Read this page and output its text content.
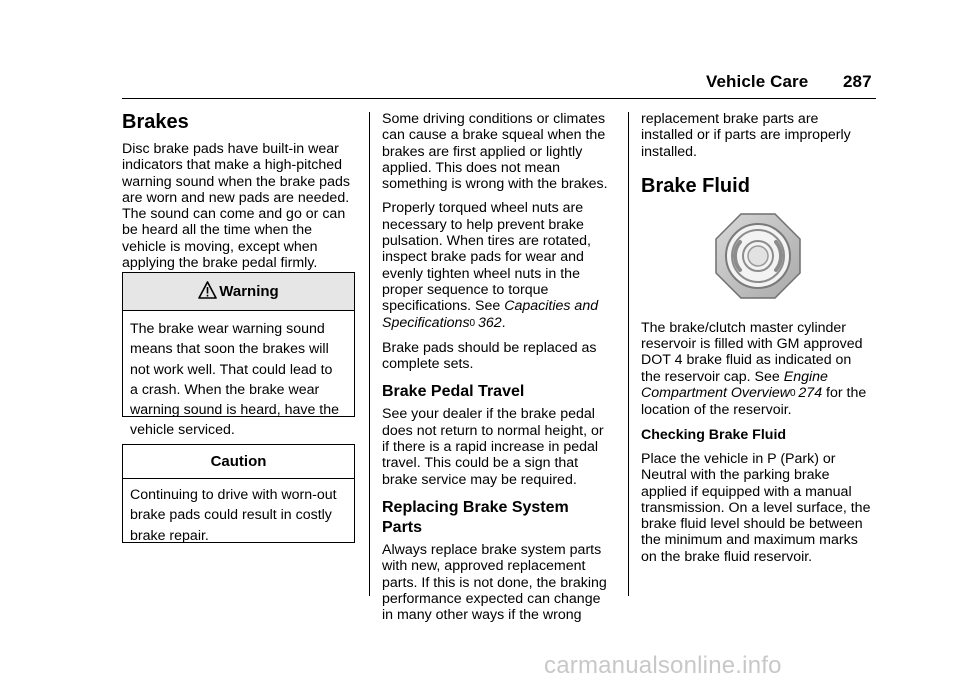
Vehicle Care 287
Brakes

Disc brake pads have built-in wear indicators that make a high-pitched warning sound when the brake pads are worn and new pads are needed. The sound can come and go or can be heard all the time when the vehicle is moving, except when applying the brake pedal firmly.

Warning
The brake wear warning sound
means that soon the brakes will
not work well. That could lead to
a crash. When the brake wear
warning sound is heard, have the
vehicle serviced.
Caution
Continuing to drive with worn-out
brake pads could result in costly
brake repair.

Some driving conditions or climates can cause a brake squeal when the brakes are first applied or lightly applied. This does not mean something is wrong with the brakes.

Properly torqued wheel nuts are necessary to help prevent brake pulsation. When tires are rotated, inspect brake pads for wear and evenly tighten wheel nuts in the proper sequence to torque specifications. See Capacities and Specifications0  362.

Brake pads should be replaced as complete sets.

Brake Pedal Travel

See your dealer if the brake pedal does not return to normal height, or if there is a rapid increase in pedal travel. This could be a sign that brake service may be required.

Replacing Brake System Parts

Always replace brake system parts with new, approved replacement parts. If this is not done, the braking performance expected can change in many other ways if the wrong

replacement brake parts are installed or if parts are improperly installed.

Brake Fluid

The brake/clutch master cylinder reservoir is filled with GM approved DOT 4 brake fluid as indicated on the reservoir cap. See Engine Compartment Overview0  274 for the location of the reservoir.

Checking Brake Fluid

Place the vehicle in P (Park) or Neutral with the parking brake applied if equipped with a manual transmission. On a level surface, the brake fluid level should be between the minimum and maximum marks on the brake fluid reservoir.

carmanualsonline.info
